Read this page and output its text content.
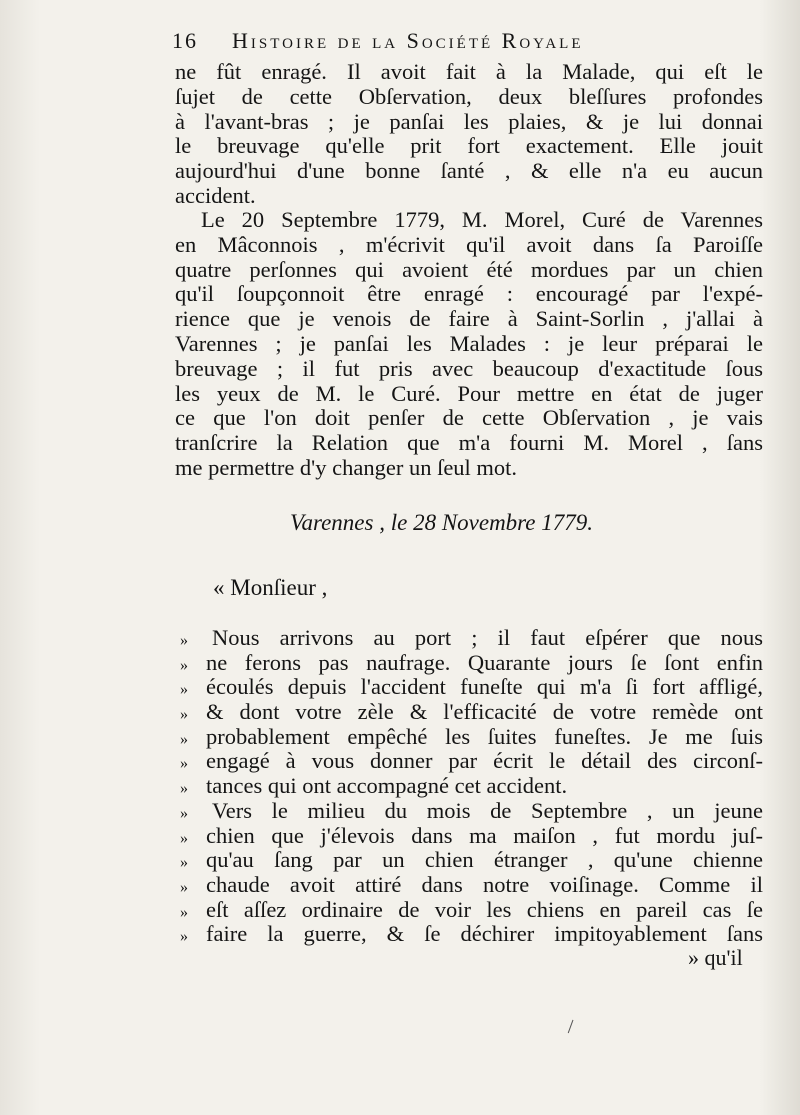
16 Histoire de la Société Royale
ne fût enragé. Il avoit fait à la Malade, qui eſt le
ſujet de cette Obſervation, deux bleſſures profondes
à l'avant-bras ; je panſai les plaies, & je lui donnai
le breuvage qu'elle prit fort exactement. Elle jouit
aujourd'hui d'une bonne ſanté , & elle n'a eu aucun
accident.
Le 20 Septembre 1779, M. Morel, Curé de Varennes
en Mâconnois , m'écrivit qu'il avoit dans ſa Paroiſſe
quatre perſonnes qui avoient été mordues par un chien
qu'il ſoupçonnoit être enragé : encouragé par l'expé-
rience que je venois de faire à Saint-Sorlin , j'allai à
Varennes ; je panſai les Malades : je leur préparai le
breuvage ; il fut pris avec beaucoup d'exactitude ſous
les yeux de M. le Curé. Pour mettre en état de juger
ce que l'on doit penſer de cette Obſervation , je vais
tranſcrire la Relation que m'a fourni M. Morel , ſans
me permettre d'y changer un ſeul mot.
Varennes , le 28 Novembre 1779.
« Monſieur ,
»	Nous arrivons au port ; il faut eſpérer que nous
» ne ferons pas naufrage. Quarante jours ſe ſont enfin
» écoulés depuis l'accident funeſte qui m'a ſi fort affligé,
» & dont votre zèle & l'efficacité de votre remède ont
» probablement empêché les ſuites funeſtes. Je me ſuis
» engagé à vous donner par écrit le détail des circonſ-
» tances qui ont accompagné cet accident.
»	Vers le milieu du mois de Septembre , un jeune
» chien que j'élevois dans ma maiſon , fut mordu juſ-
» qu'au ſang par un chien étranger , qu'une chienne
» chaude avoit attiré dans notre voiſinage. Comme il
» eſt aſſez ordinaire de voir les chiens en pareil cas ſe
» faire la guerre, & ſe déchirer impitoyablement ſans
» qu'il
